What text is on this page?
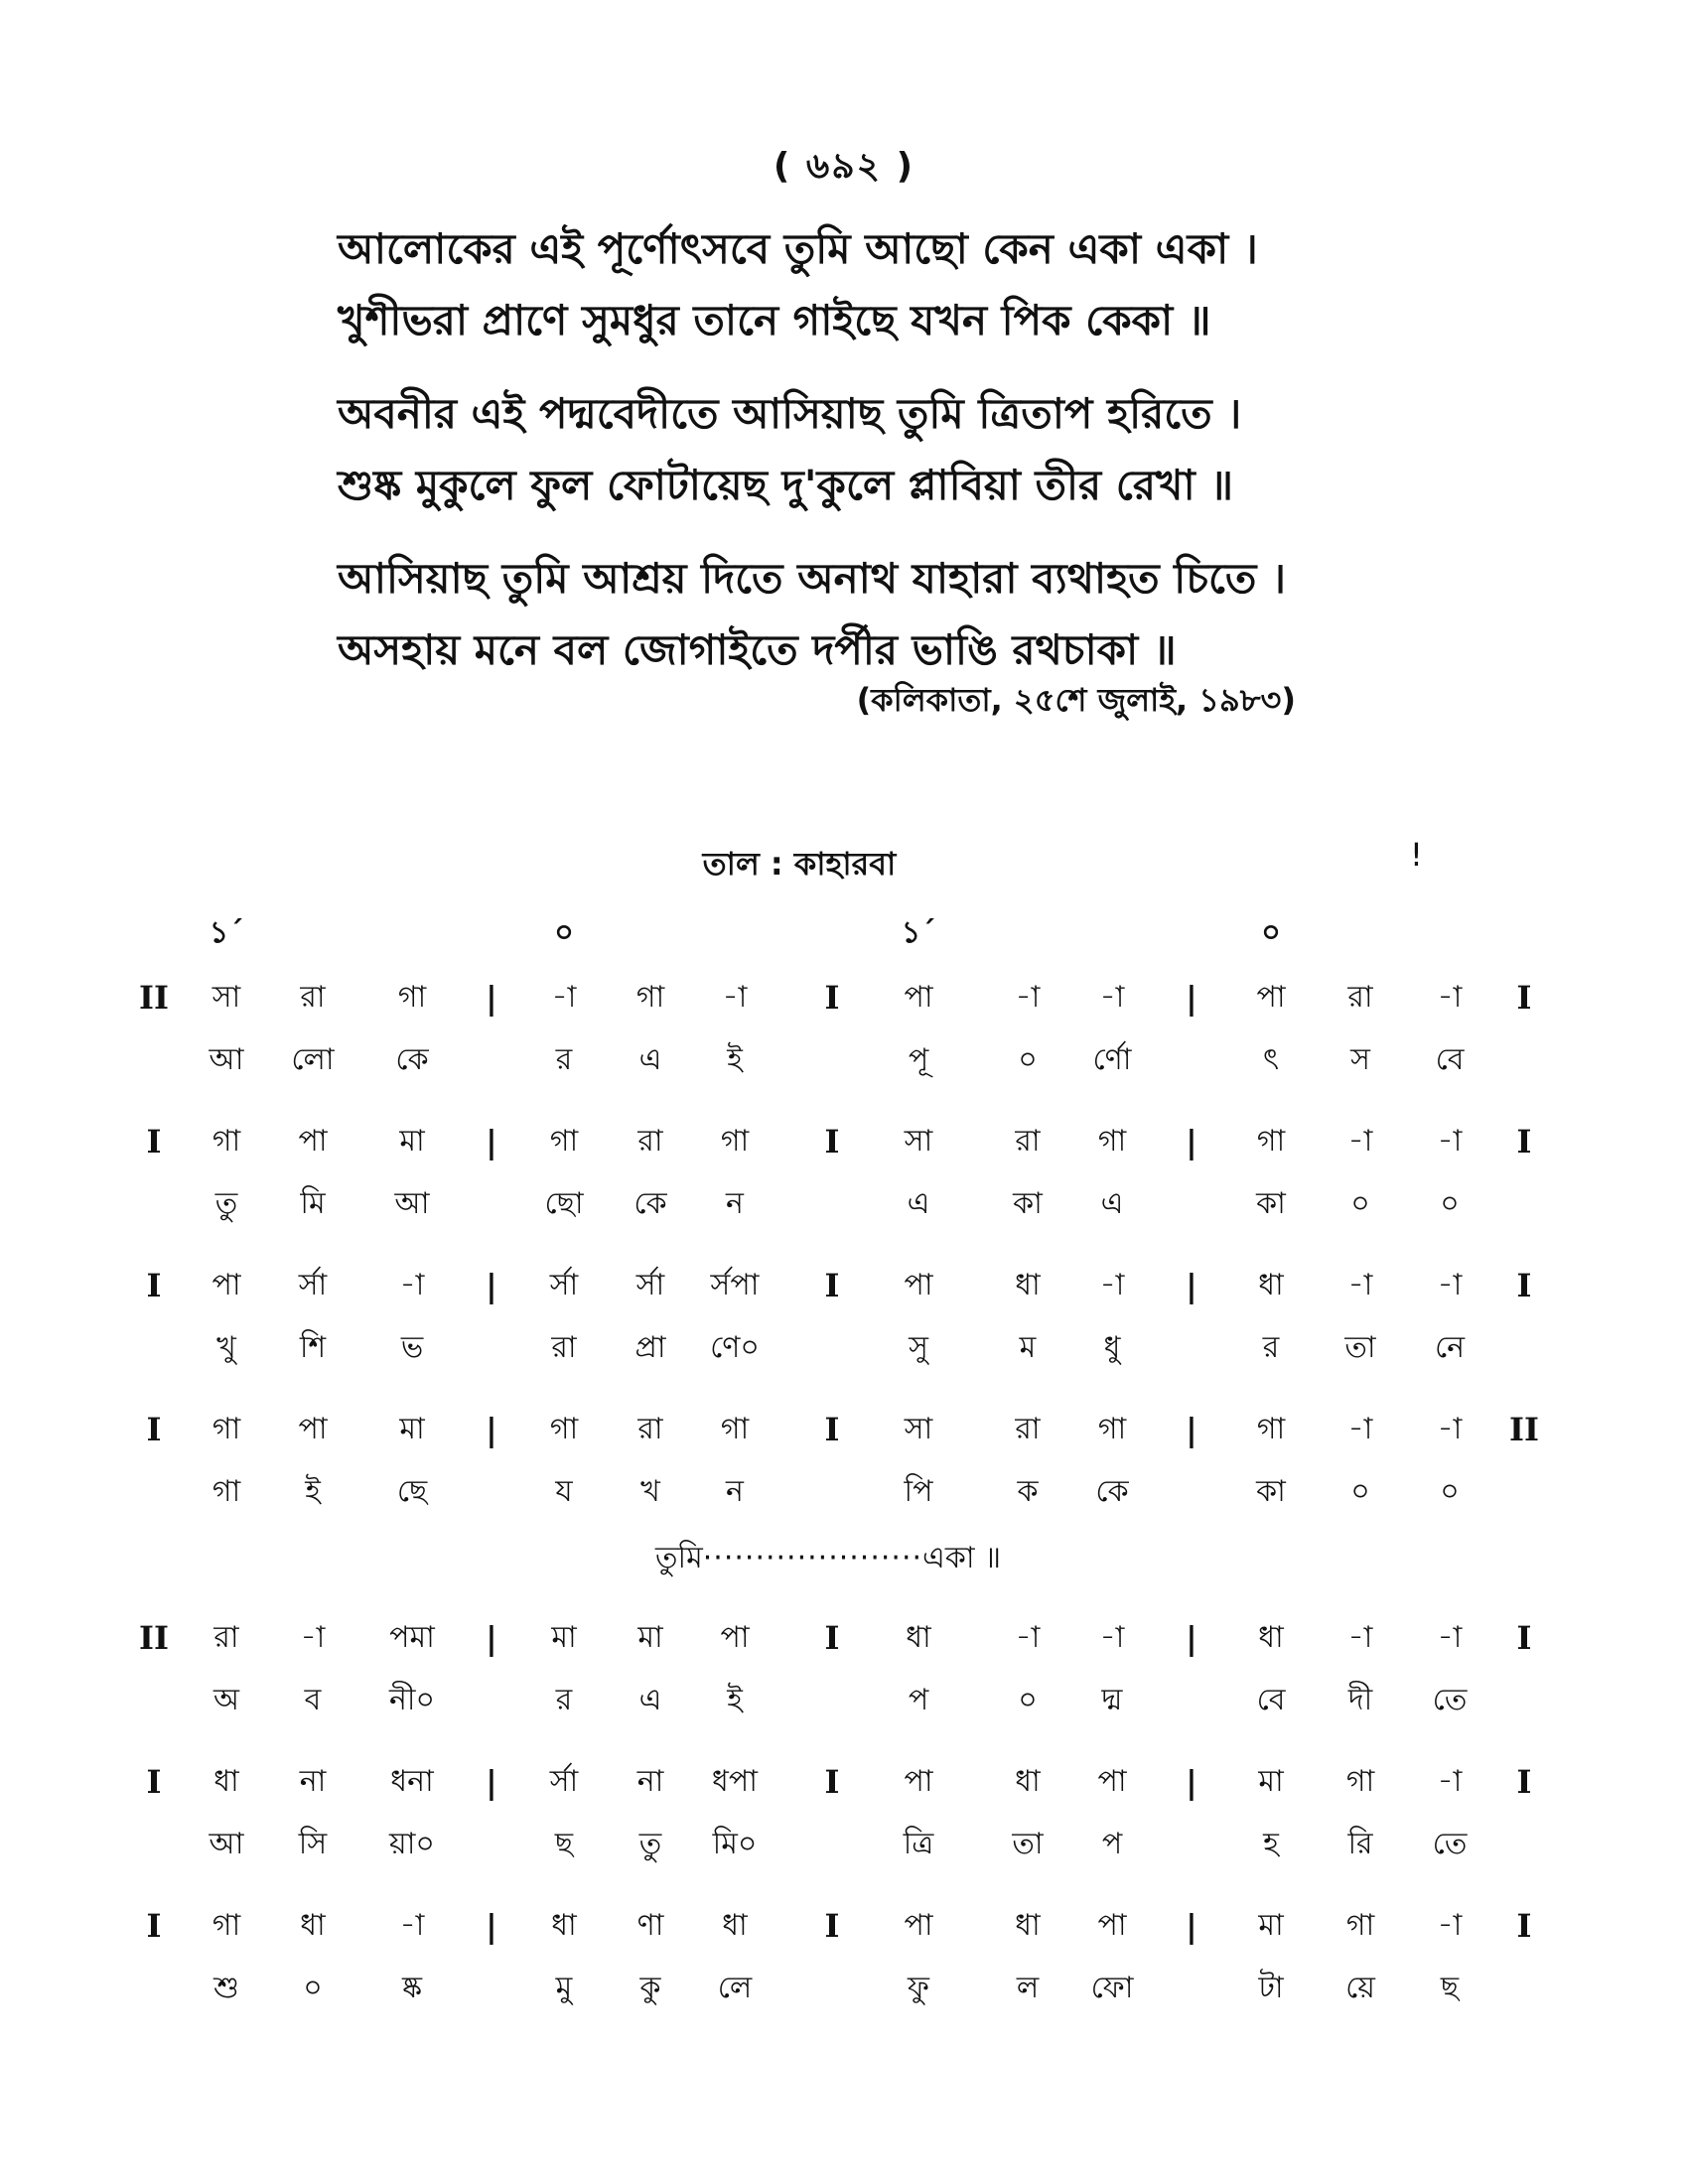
( ৬৯২ )
আলোকের এই পূর্ণোৎসবে তুমি আছো কেন একা একা ।
খুশীভরা প্রাণে সুমধুর তানে গাইছে যখন পিক কেকা ॥
অবনীর এই পদ্মবেদীতে আসিয়াছ তুমি ত্রিতাপ হরিতে ।
শুষ্ক মুকুলে ফুল ফোটায়েছ দু'কুলে প্লাবিয়া তীর রেখা ॥
আসিয়াছ তুমি আশ্রয় দিতে অনাথ যাহারা ব্যথাহত চিতে ।
অসহায় মনে বল জোগাইতে দর্পীর ভাঙি রথচাকা ॥
(কলিকাতা, ২৫শে জুলাই, ১৯৮৩)
তাল : কাহারবা	!
১´	০	১´	০
II সা রা গা | -া গা -া I পা	-া -া | পা রা -া I
আ লো কে	র এ ই	পূ	০ র্ণো	ৎ স বে
I গা পা মা | গা রা গা I সা	রা গা | গা -া -া I
তু মি আ	ছো কে ন	এ	কা এ	কা ০ ০
I পা র্সা -া | র্সা র্সা র্সপা I পা	ধা -া | ধা -া -া I
খু শি	ভ	রা প্রা ণে০	সু	ম ধু	র তা নে
I গা পা মা | গা রা গা I সা	রা গা | গা -া -া II
গা ই	ছে	য খ ন	পি	ক কে	কা ০ ০
II রা -া পমা | মা মা পা I ধা	-া -া | ধা -া -া I
অ ব নী০	র এ ই	প	০ দ্ম	বে দী তে
I ধা না ধনা | র্সা না ধপা I পা	ধা পা | মা গা -া I
আ সি য়া০	ছ তু মি০	ত্রি	তা প	হ রি তে
I গা ধা -া | ধা ণা ধা I পা	ধা পা | মা গা -া I
শু ০	ষ্ক	মু কু লে	ফু	ল ফো	টা য়ে ছ
তুমি·····················একা ॥
